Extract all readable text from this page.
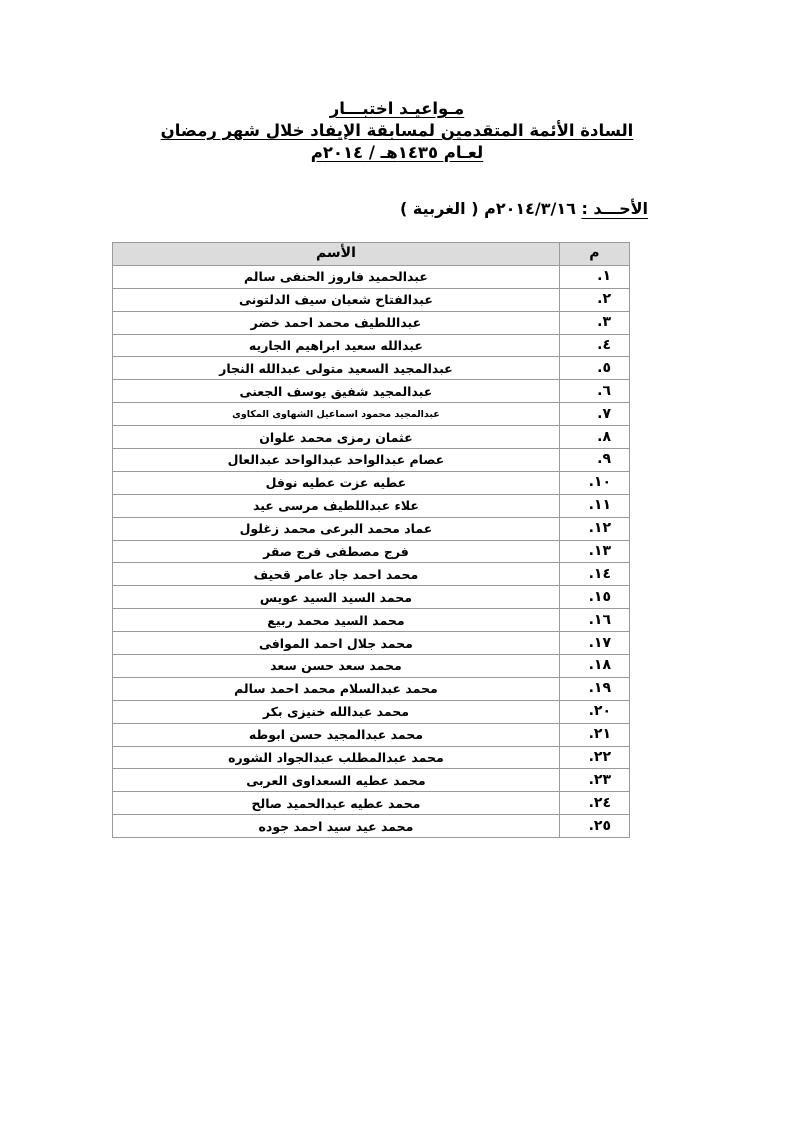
مـواعيـد اختبـــار

السادة الأئمة المتقدمين لمسابقة الإيفاد خلال شهر رمضان

لعـام ١٤٣٥هـ / ٢٠١٤م

الأحـــد : ٢٠١٤/٣/١٦م ( الغربية )
م	الأسم
١.	عبدالحميد فاروز الحنفى سالم
٢.	عبدالفتاح شعبان سيف الدلتونى
٣.	عبداللطيف محمد احمد خضر
٤.	عبدالله سعيد ابراهيم الجاريه
٥.	عبدالمجيد السعيد متولى عبدالله النجار
٦.	عبدالمجيد شفيق يوسف الجعنى
٧.	عبدالمجيد محمود اسماعيل الشهاوى المكاوى
٨.	عثمان رمزى محمد علوان
٩.	عصام عبدالواحد عبدالواحد عبدالعال
١٠.	عطيه عزت عطيه نوفل
١١.	علاء عبداللطيف مرسى عيد
١٢.	عماد محمد البرعى محمد زغلول
١٣.	فرج مصطفى فرج صقر
١٤.	محمد احمد جاد عامر قحيف
١٥.	محمد السيد السيد عويس
١٦.	محمد السيد محمد ربيع
١٧.	محمد جلال احمد الموافى
١٨.	محمد سعد حسن سعد
١٩.	محمد عبدالسلام محمد احمد سالم
٢٠.	محمد عبدالله خنيزى بكر
٢١.	محمد عبدالمجيد حسن ابوطه
٢٢.	محمد عبدالمطلب عبدالجواد الشوره
٢٣.	محمد عطيه السعداوى العربى
٢٤.	محمد عطيه عبدالحميد صالح
٢٥.	محمد عيد سيد احمد جوده
